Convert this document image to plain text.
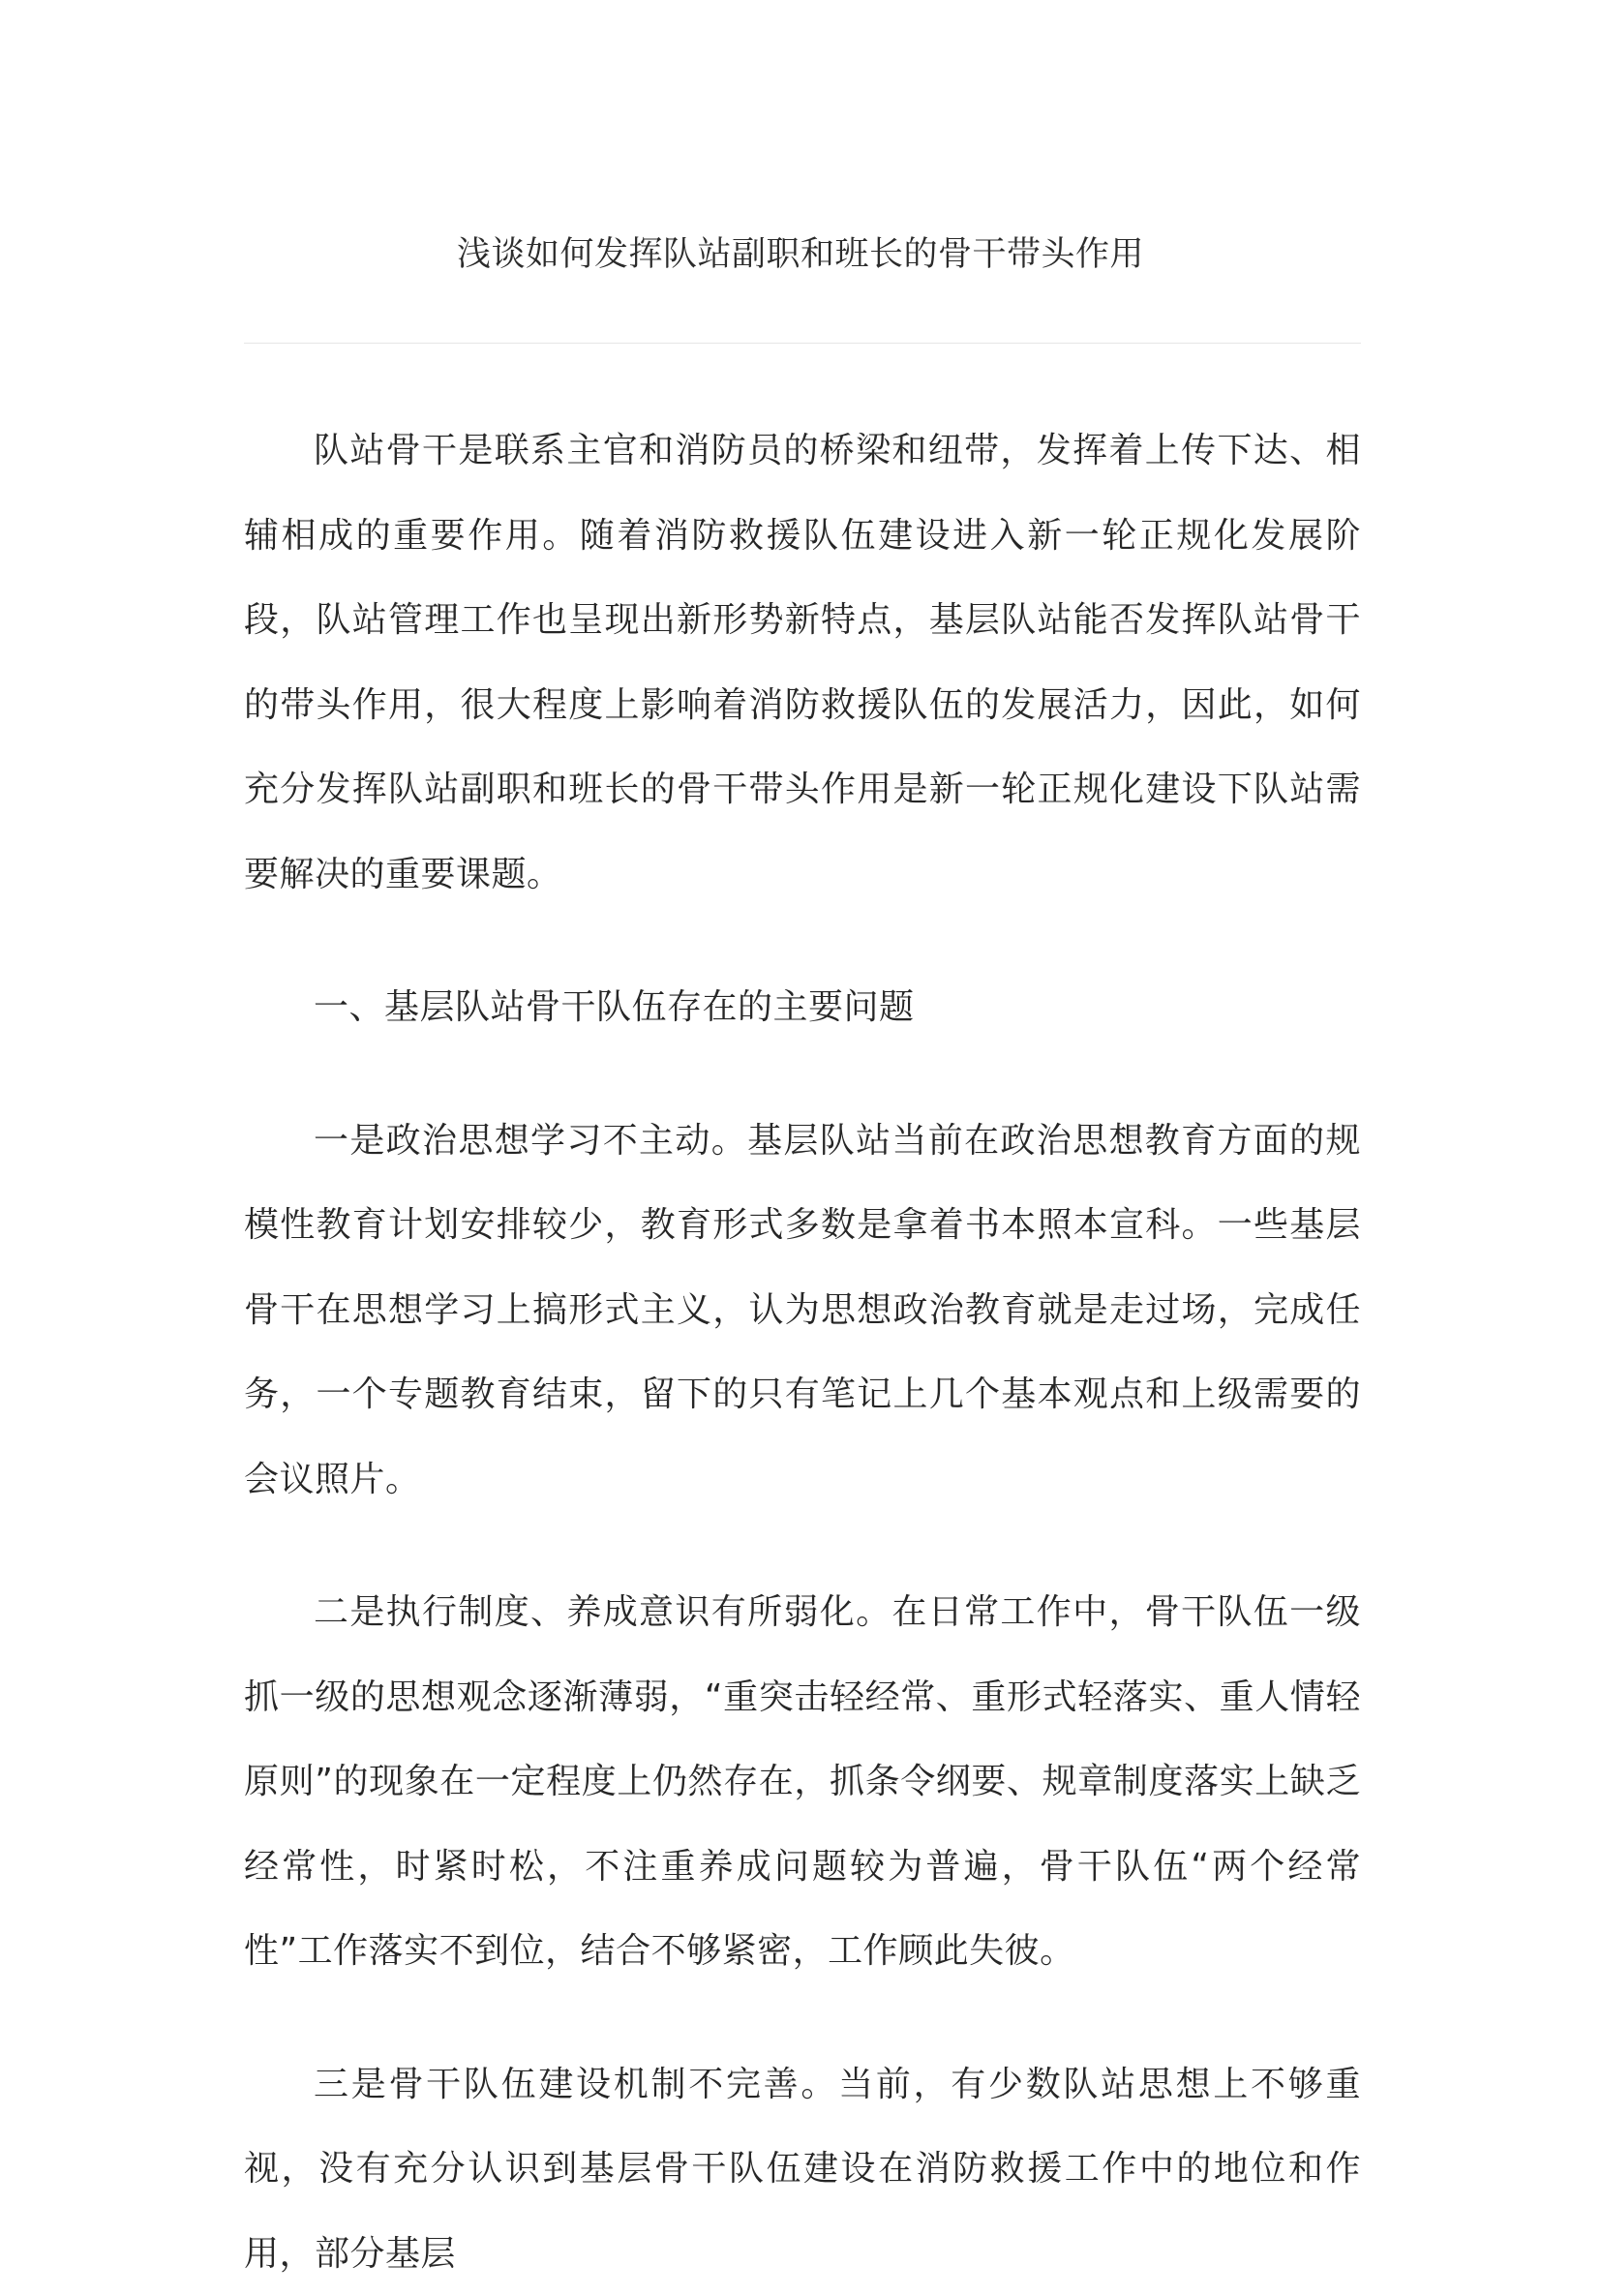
浅谈如何发挥队站副职和班长的骨干带头作用

队站骨干是联系主官和消防员的桥梁和纽带，发挥着上传下达、相辅相成的重要作用。随着消防救援队伍建设进入新一轮正规化发展阶段，队站管理工作也呈现出新形势新特点，基层队站能否发挥队站骨干的带头作用，很大程度上影响着消防救援队伍的发展活力，因此，如何充分发挥队站副职和班长的骨干带头作用是新一轮正规化建设下队站需要解决的重要课题。

一、基层队站骨干队伍存在的主要问题

一是政治思想学习不主动。基层队站当前在政治思想教育方面的规模性教育计划安排较少，教育形式多数是拿着书本照本宣科。一些基层骨干在思想学习上搞形式主义，认为思想政治教育就是走过场，完成任务，一个专题教育结束，留下的只有笔记上几个基本观点和上级需要的会议照片。

二是执行制度、养成意识有所弱化。在日常工作中，骨干队伍一级抓一级的思想观念逐渐薄弱，“重突击轻经常、重形式轻落实、重人情轻原则”的现象在一定程度上仍然存在，抓条令纲要、规章制度落实上缺乏经常性，时紧时松，不注重养成问题较为普遍，骨干队伍“两个经常性”工作落实不到位，结合不够紧密，工作顾此失彼。

三是骨干队伍建设机制不完善。当前，有少数队站思想上不够重视，没有充分认识到基层骨干队伍建设在消防救援工作中的地位和作用，部分基层
